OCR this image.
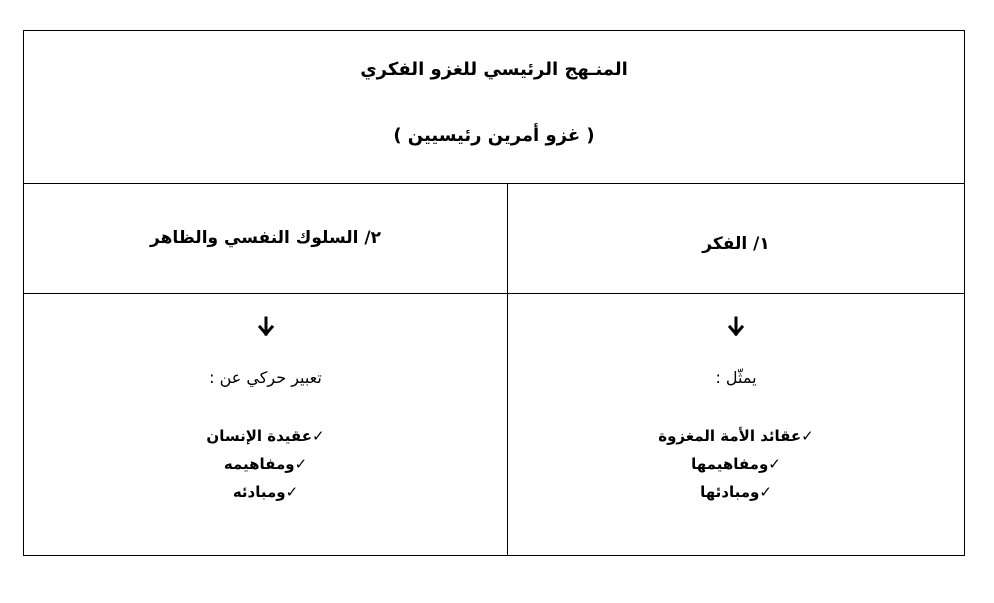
المنـهج الرئيسي للغزو الفكري
( غزو أمرين رئيسيين )
١/ الفكر
يمثّل :
✓عقائد الأمة المغزوة
✓ومفاهيمها
✓ومبادئها
٢/ السلوك النفسي والظاهر
تعبير حركي عن :
✓عقيدة الإنسان
✓ومفاهيمه
✓ومبادئه
